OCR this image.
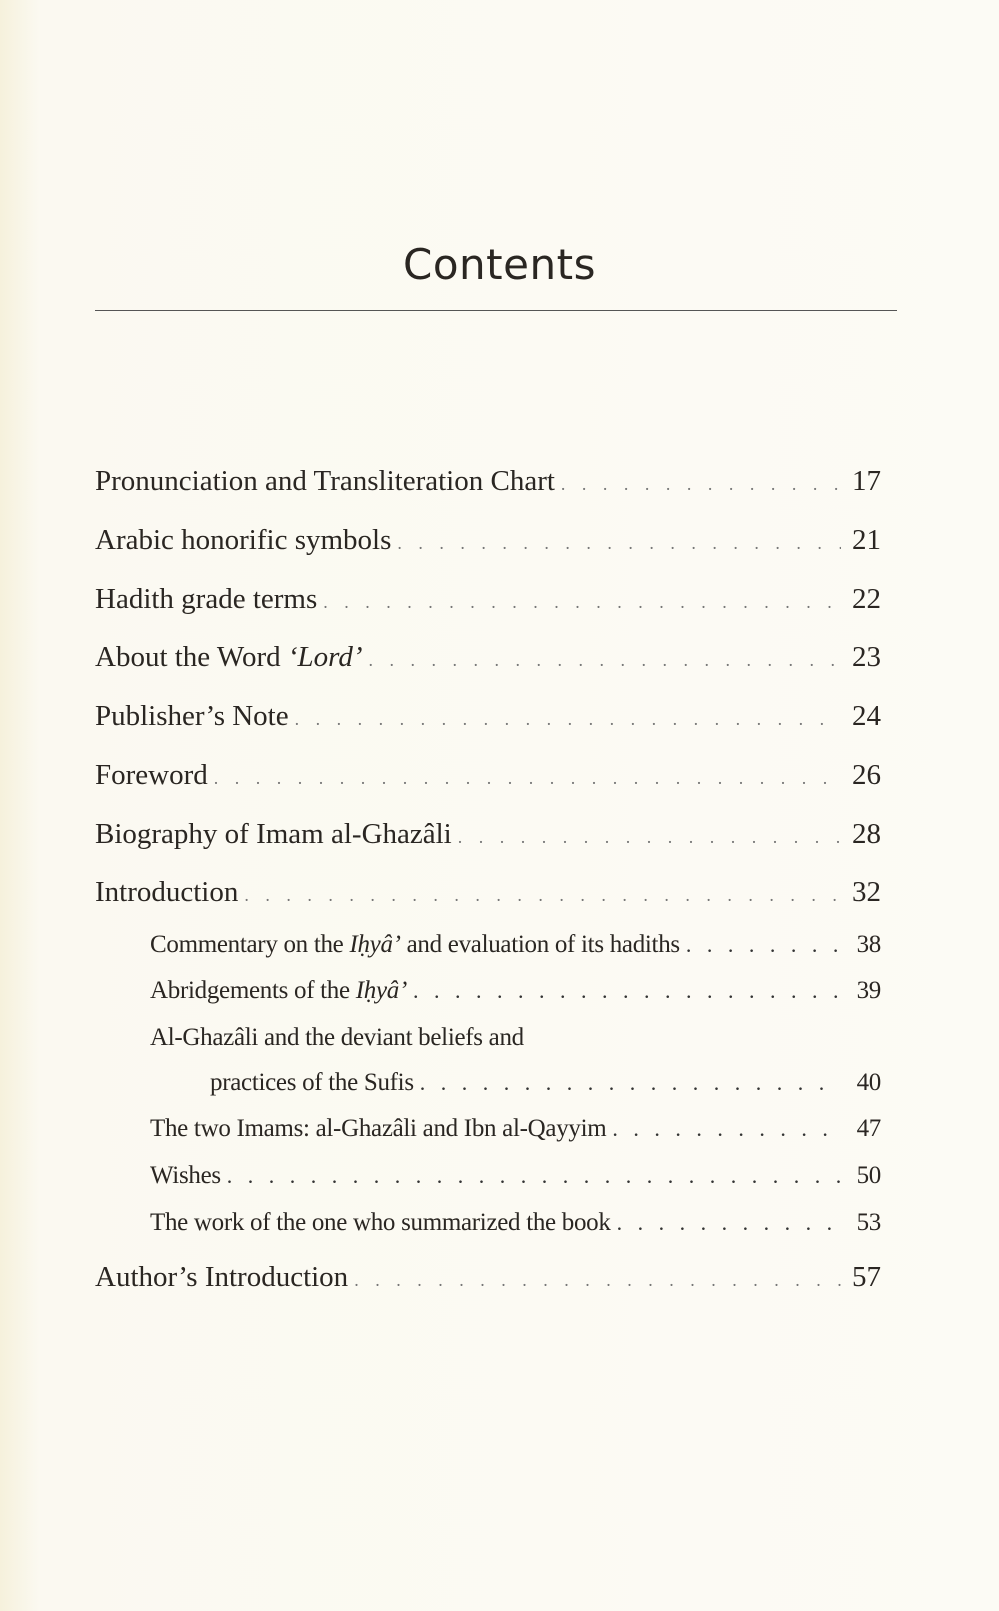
Contents
Pronunciation and Transliteration Chart . . .	17
Arabic honorific symbols . . .	21
Hadith grade terms . . .	22
About the Word ‘Lord’ . . .	23
Publisher’s Note . . .	24
Foreword . . .	26
Biography of Imam al-Ghazâli . . .	28
Introduction . . .	32
Commentary on the Iḥyâ’ and evaluation of its hadiths . . .	38
Abridgements of the Iḥyâ’ . . .	39
Al-Ghazâli and the deviant beliefs and
practices of the Sufis . . .	40
The two Imams: al-Ghazâli and Ibn al-Qayyim . . .	47
Wishes . . .	50
The work of the one who summarized the book . . .	53
Author’s Introduction . . .	57
